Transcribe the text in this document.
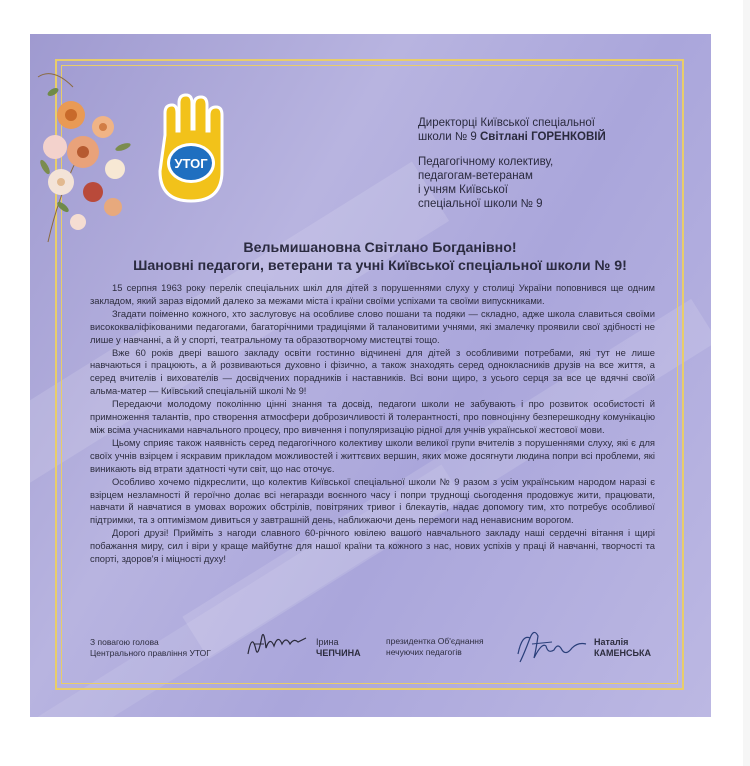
УТОГ
Директорці Київської спеціальної
школи № 9 Світлані ГОРЕНКОВІЙ
Педагогічному колективу,
педагогам-ветеранам
і учням Київської
спеціальної школи № 9
Вельмишановна Світлано Богданівно!
Шановні педагоги, ветерани та учні Київської спеціальної школи № 9!

15 серпня 1963 року перелік спеціальних шкіл для дітей з порушеннями слуху у столиці України поповнився ще одним закладом, який зараз відомий далеко за межами міста і країни своїми успіхами та своїми випускниками.

Згадати поіменно кожного, хто заслуговує на особливе слово пошани та подяки — складно, адже школа славиться своїми висококваліфікованими педагогами, багаторічними традиціями й талановитими учнями, які змалечку проявили свої здібності не лише у навчанні, а й у спорті, театральному та образотворчому мистецтві тощо.

Вже 60 років двері вашого закладу освіти гостинно відчинені для дітей з особливими потребами, які тут не лише навчаються і працюють, а й розвиваються духовно і фізично, а також знаходять серед однокласників друзів на все життя, а серед вчителів і вихователів — досвідчених порадників і наставників. Всі вони щиро, з усього серця за все це вдячні своїй альма-матер — Київський спеціальній школі № 9!

Передаючи молодому поколінню цінні знання та досвід, педагоги школи не забувають і про розвиток особистості й примноження талантів, про створення атмосфери доброзичливості й толерантності, про повноцінну безперешкодну комунікацію між всіма учасниками навчального процесу, про вивчення і популяризацію рідної для учнів української жестової мови.

Цьому сприяє також наявність серед педагогічного колективу школи великої групи вчителів з порушеннями слуху, які є для своїх учнів взірцем і яскравим прикладом можливостей і життєвих вершин, яких може досягнути людина попри всі проблеми, які виникають від втрати здатності чути світ, що нас оточує.

Особливо хочемо підкреслити, що колектив Київської спеціальної школи № 9 разом з усім українським народом наразі є взірцем незламності й героїчно долає всі негаразди воєнного часу і попри труднощі сьогодення продовжує жити, працювати, навчати й навчатися в умовах ворожих обстрілів, повітряних тривог і блекаутів, надає допомогу тим, хто потребує особливої підтримки, та з оптимізмом дивиться у завтрашній день, наближаючи день перемоги над ненависним ворогом.

Дорогі друзі! Прийміть з нагоди славного 60-річного ювілею вашого навчального закладу наші сердечні вітання і щирі побажання миру, сил і віри у краще майбутнє для нашої країни та кожного з нас, нових успіхів у праці й навчанні, творчості та спорті, здоров'я і міцності духу!

З повагою голова
Центрального правління УТОГ
Ірина
ЧЕПЧИНА
президентка Об'єднання
нечуючих педагогів
Наталія
КАМЕНСЬКА
